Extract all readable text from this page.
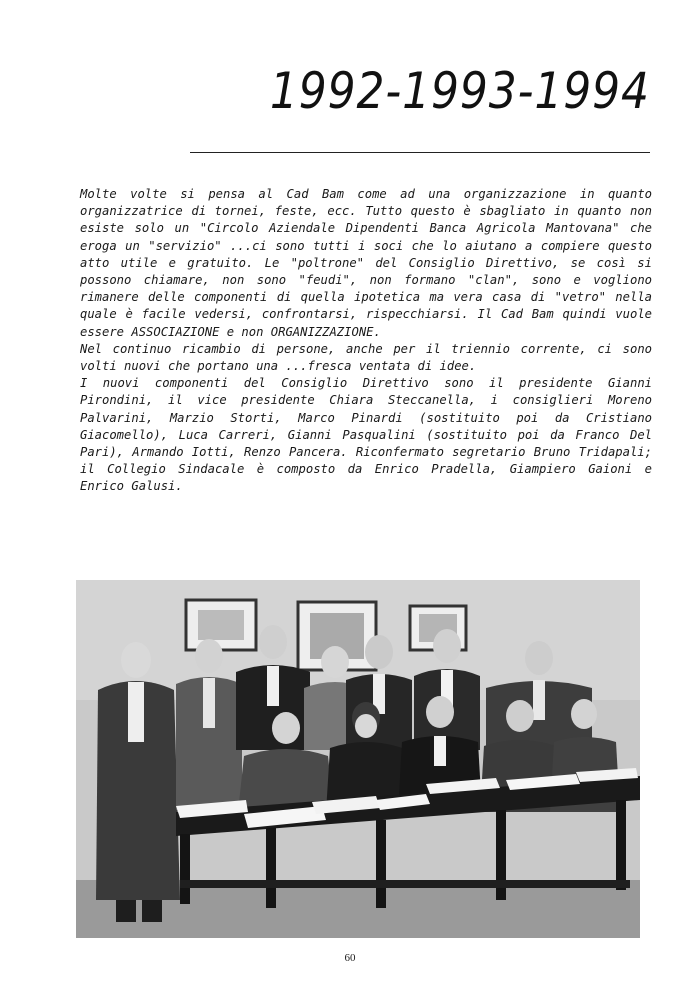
1992-1993-1994

Molte volte si pensa al Cad Bam come ad una organizzazione in quanto organizzatrice di tornei, feste, ecc. Tutto questo è sbagliato in quanto non esiste solo un "Circolo Aziendale Dipendenti Banca Agricola Mantovana" che eroga un "servizio" ...ci sono tutti i soci che lo aiutano a compiere questo atto utile e gratuito. Le "poltrone" del Consiglio Direttivo, se così si possono chiamare, non sono "feudi", non formano "clan", sono e vogliono rimanere delle componenti di quella ipotetica ma vera casa di "vetro" nella quale è facile vedersi, confrontarsi, rispecchiarsi. Il Cad Bam quindi vuole essere ASSOCIAZIONE e non ORGANIZZAZIONE.

Nel continuo ricambio di persone, anche per il triennio corrente, ci sono volti nuovi che portano una ...fresca ventata di idee.

I nuovi componenti del Consiglio Direttivo sono il presidente Gianni Pirondini, il vice presidente Chiara Steccanella, i consiglieri Moreno Palvarini, Marzio Storti, Marco Pinardi (sostituito poi da Cristiano Giacomello), Luca Carreri, Gianni Pasqualini (sostituito poi da Franco Del Pari), Armando Iotti, Renzo Pancera. Riconfermato segretario Bruno Tridapali; il Collegio Sindacale è composto da Enrico Pradella, Giampiero Gaioni e Enrico Galusi.

60
